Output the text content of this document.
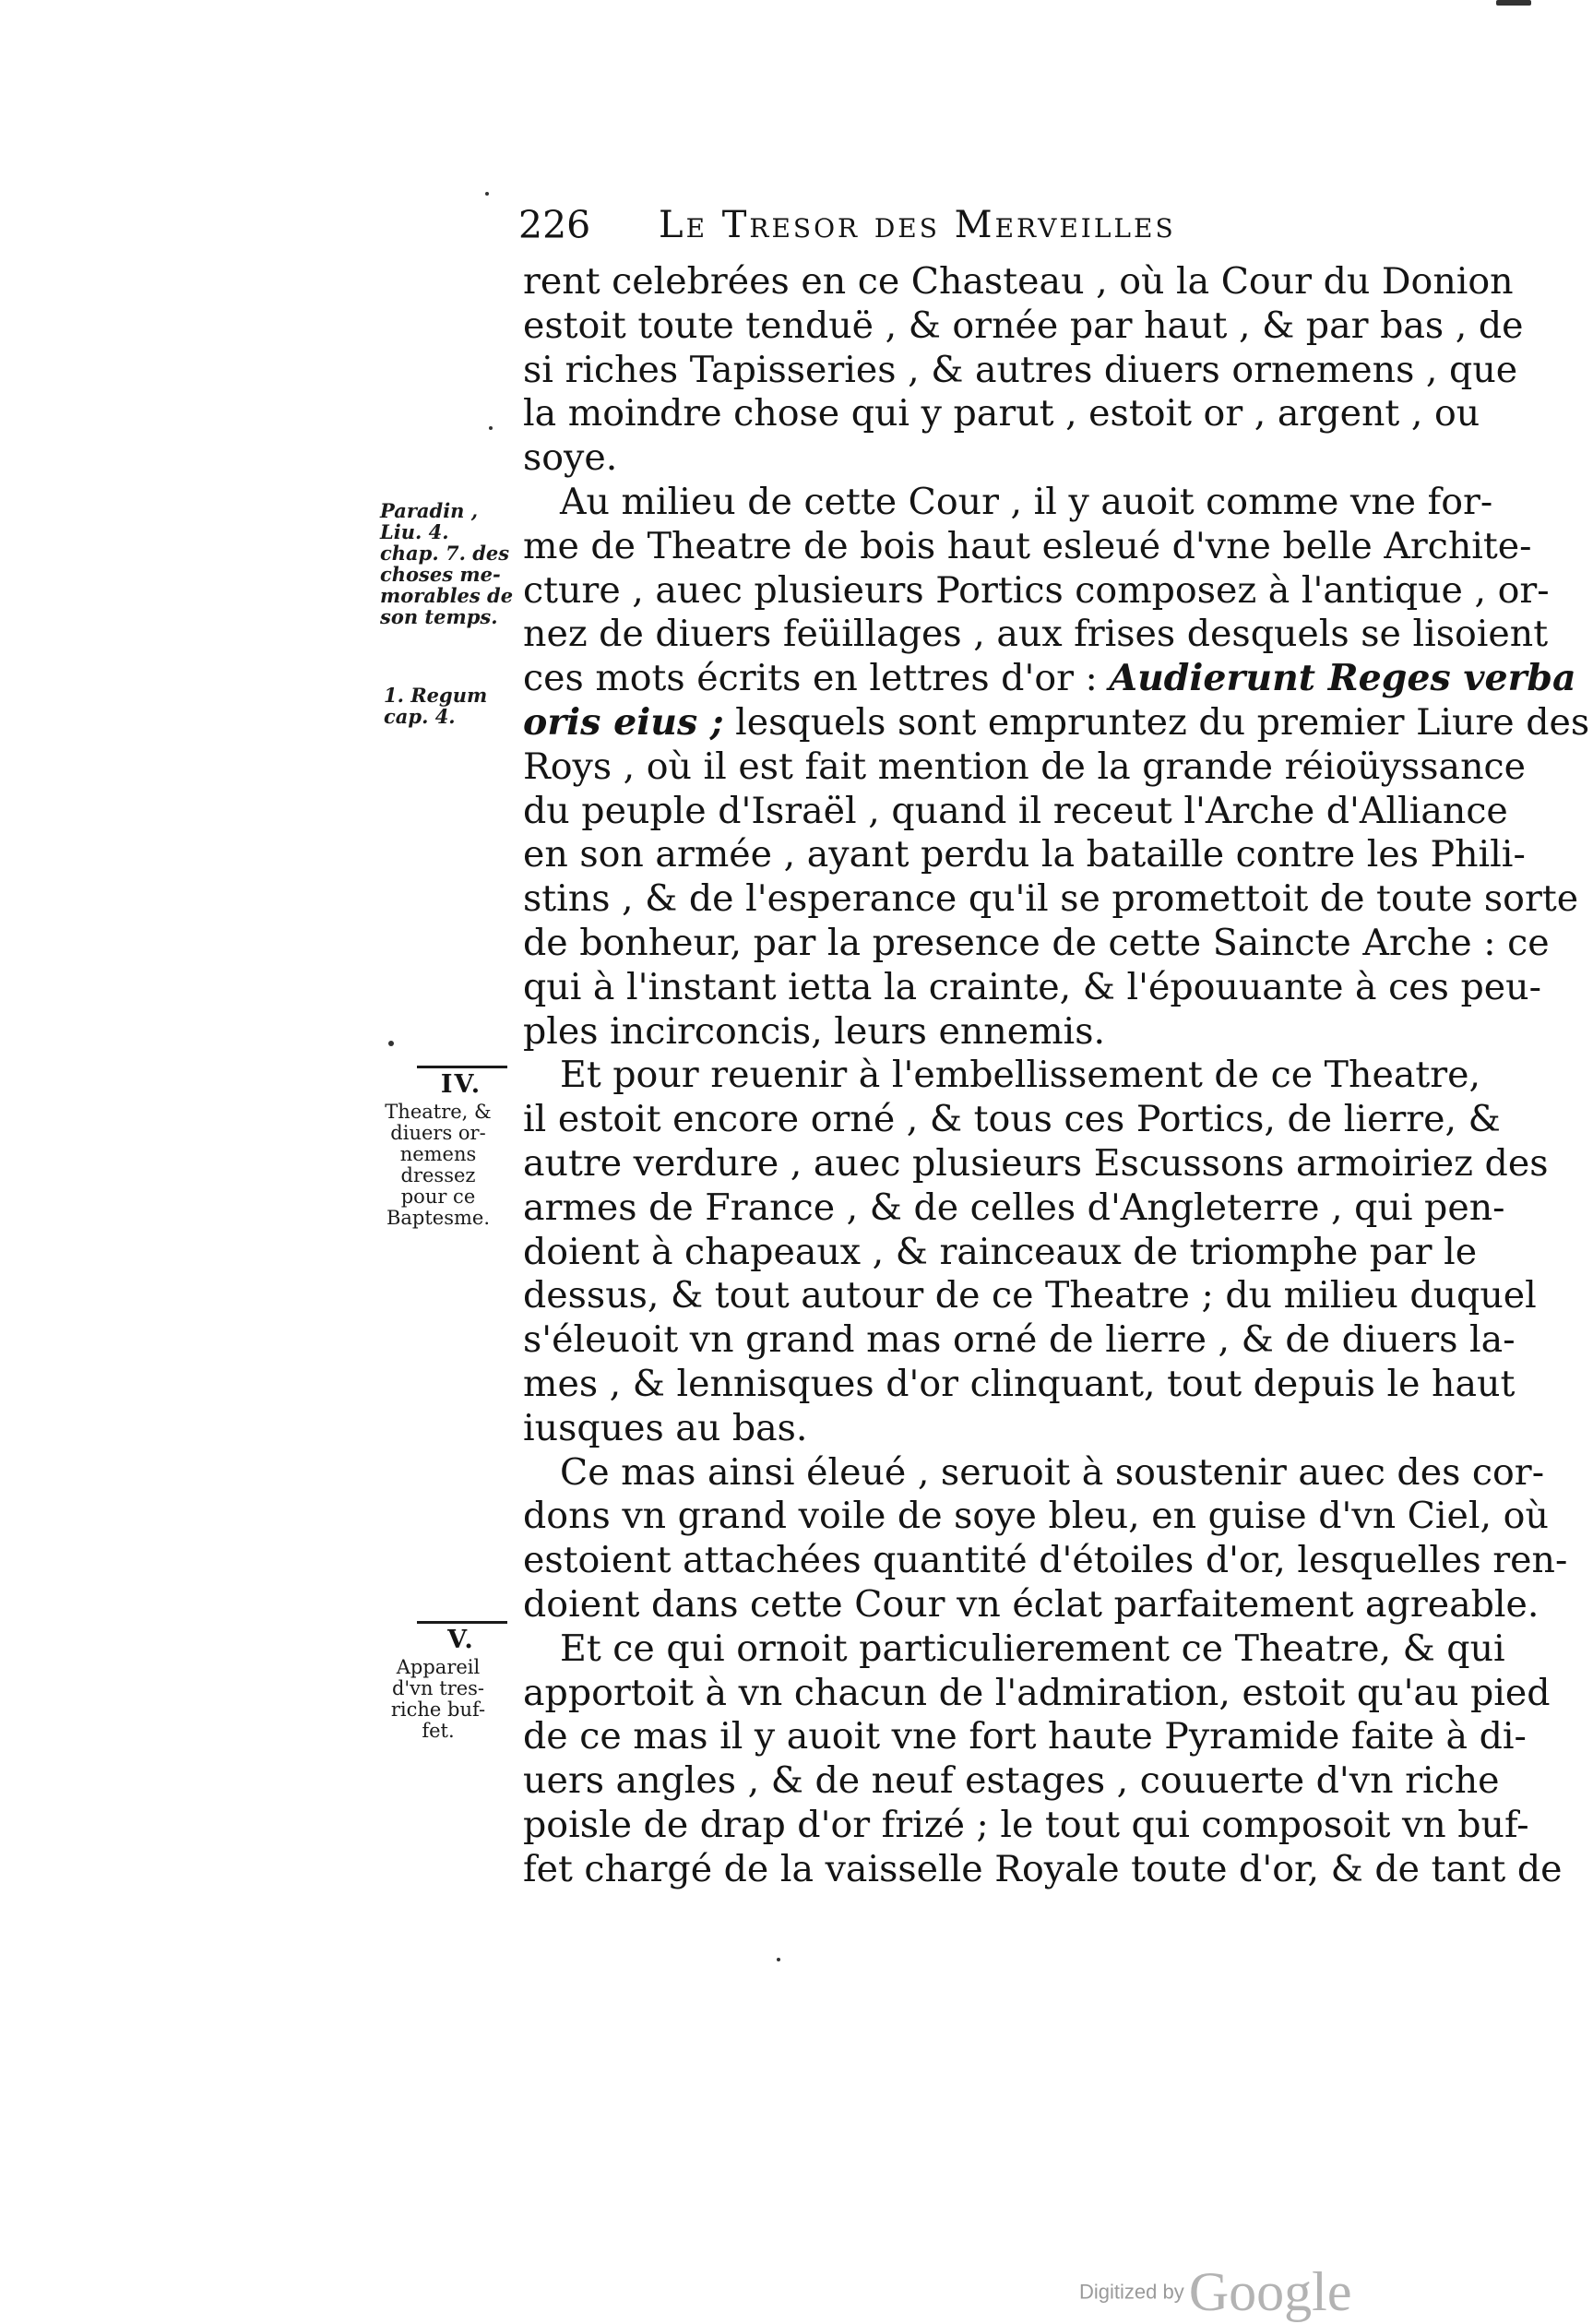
226 Le Tresor des Merveilles
Paradin ,
Liu. 4.
chap. 7. des
choses me-
morables de
son temps.
1. Regum
cap. 4.
IV.
Theatre, &
diuers or-
nemens
dressez
pour ce
Baptesme.
V.
Appareil
d'vn tres-
riche buf-
fet.
rent celebrées en ce Chasteau , où la Cour du Donion
estoit toute tenduë , & ornée par haut , & par bas , de
si riches Tapisseries , & autres diuers ornemens , que
la moindre chose qui y parut , estoit or , argent , ou
soye.
Au milieu de cette Cour , il y auoit comme vne for-
me de Theatre de bois haut esleué d'vne belle Archite-
cture , auec plusieurs Portics composez à l'antique , or-
nez de diuers feüillages , aux frises desquels se lisoient
ces mots écrits en lettres d'or : Audierunt Reges verba
oris eius ; lesquels sont empruntez du premier Liure des
Roys , où il est fait mention de la grande réioüyssance
du peuple d'Israël , quand il receut l'Arche d'Alliance
en son armée , ayant perdu la bataille contre les Phili-
stins , & de l'esperance qu'il se promettoit de toute sorte
de bonheur, par la presence de cette Saincte Arche : ce
qui à l'instant ietta la crainte, & l'épouuante à ces peu-
ples incirconcis, leurs ennemis.
Et pour reuenir à l'embellissement de ce Theatre,
il estoit encore orné , & tous ces Portics, de lierre, &
autre verdure , auec plusieurs Escussons armoiriez des
armes de France , & de celles d'Angleterre , qui pen-
doient à chapeaux , & rainceaux de triomphe par le
dessus, & tout autour de ce Theatre ; du milieu duquel
s'éleuoit vn grand mas orné de lierre , & de diuers la-
mes , & lennisques d'or clinquant, tout depuis le haut
iusques au bas.
Ce mas ainsi éleué , seruoit à soustenir auec des cor-
dons vn grand voile de soye bleu, en guise d'vn Ciel, où
estoient attachées quantité d'étoiles d'or, lesquelles ren-
doient dans cette Cour vn éclat parfaitement agreable.
Et ce qui ornoit particulierement ce Theatre, & qui
apportoit à vn chacun de l'admiration, estoit qu'au pied
de ce mas il y auoit vne fort haute Pyramide faite à di-
uers angles , & de neuf estages , couuerte d'vn riche
poisle de drap d'or frizé ; le tout qui composoit vn buf-
fet chargé de la vaisselle Royale toute d'or, & de tant de
Digitized by Google
